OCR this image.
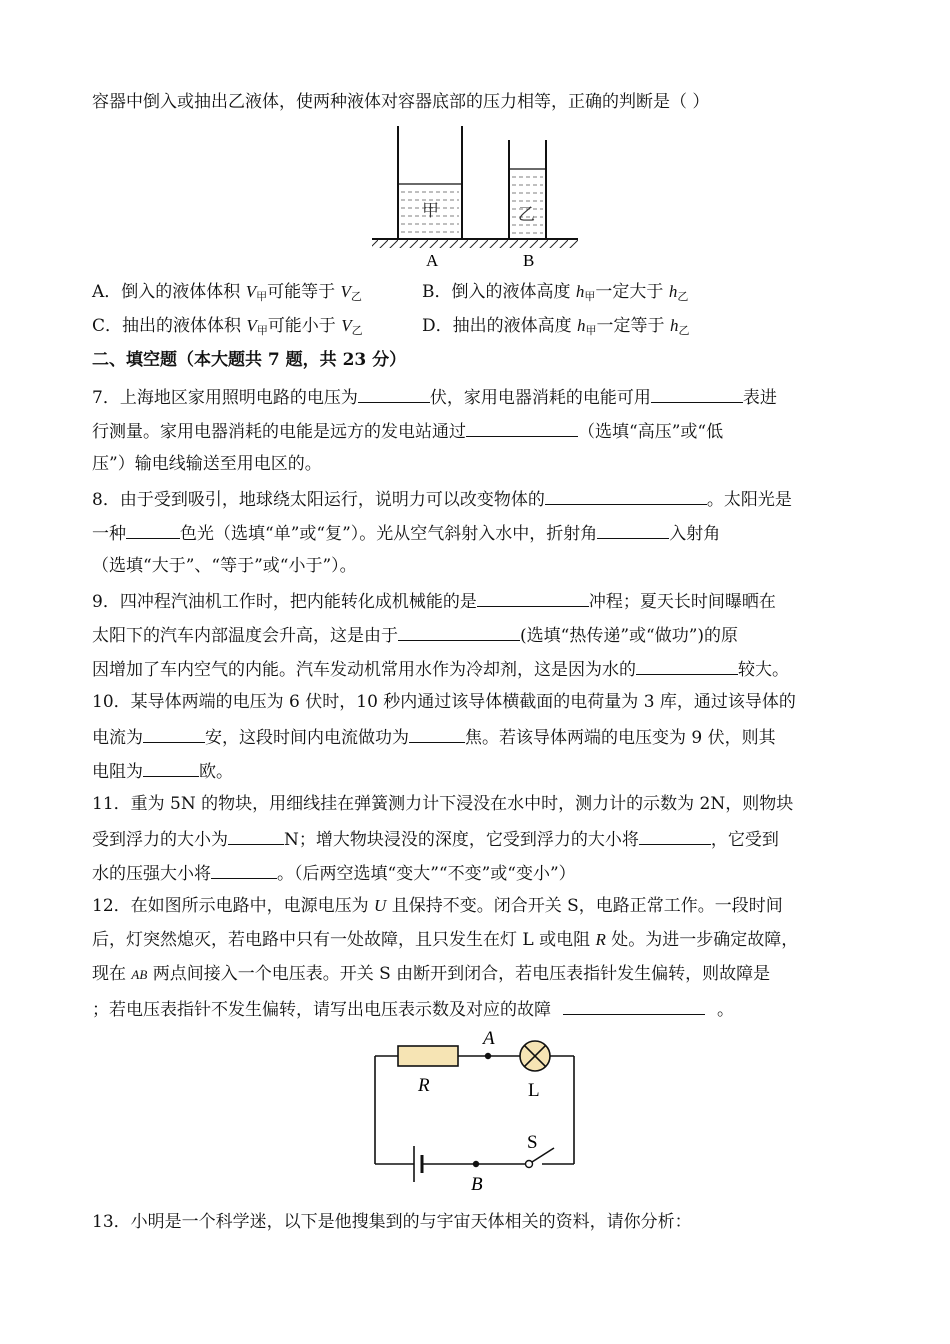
容器中倒入或抽出乙液体，使两种液体对容器底部的压力相等，正确的判断是（ ）
甲	乙
A	B
A．倒入的液体体积 $V_甲$可能等于 $V_乙$	B．倒入的液体高度 $h_甲$一定大于 $h_乙$
C．抽出的液体体积 $V_甲$可能小于 $V_乙$	D．抽出的液体高度 $h_甲$一定等于 $h_乙$
二、填空题（本大题共 7 题，共 23 分）
7．上海地区家用照明电路的电压为	伏，家用电器消耗的电能可用	表进
行测量。家用电器消耗的电能是远方的发电站通过	（选填“高压”或“低
压”）输电线输送至用电区的。
8．由于受到吸引，地球绕太阳运行，说明力可以改变物体的	。太阳光是
一种	色光（选填“单”或“复”）。光从空气斜射入水中，折射角	入射角
（选填“大于”、“等于”或“小于”）。
9．四冲程汽油机工作时，把内能转化成机械能的是	冲程；夏天长时间曝晒在
太阳下的汽车内部温度会升高，这是由于	(选填“热传递”或“做功”)的原
因增加了车内空气的内能。汽车发动机常用水作为冷却剂，这是因为水的	较大。
10．某导体两端的电压为 6 伏时，10 秒内通过该导体横截面的电荷量为 3 库，通过该导体的
电流为	安，这段时间内电流做功为	焦。若该导体两端的电压变为 9 伏，则其
电阻为	欧。
11．重为 5N 的物块，用细线挂在弹簧测力计下浸没在水中时，测力计的示数为 2N，则物块
受到浮力的大小为	N；增大物块浸没的深度，它受到浮力的大小将	，它受到
水的压强大小将	。（后两空选填“变大”“不变”或“变小”）
12．在如图所示电路中，电源电压为 U 且保持不变。闭合开关 S，电路正常工作。一段时间
后，灯突然熄灭，若电路中只有一处故障，且只发生在灯 L 或电阻 R 处。为进一步确定故障，
现在 AB 两点间接入一个电压表。开关 S 由断开到闭合，若电压表指针发生偏转，则故障是
；若电压表指针不发生偏转，请写出电压表示数及对应的故障	。
A
R	L
S
B
13．小明是一个科学迷，以下是他搜集到的与宇宙天体相关的资料，请你分析：
